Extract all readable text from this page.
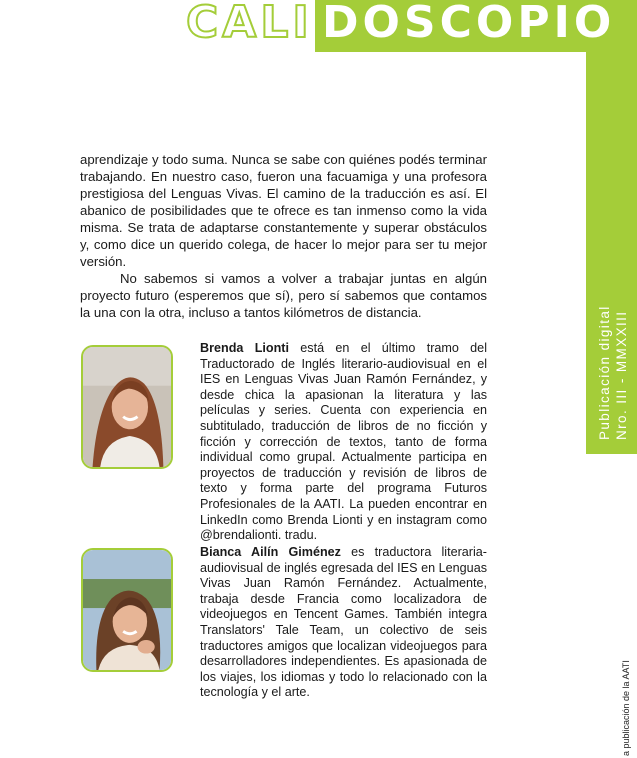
CALI DOSCOPIO
Publicación digital Nro. III - MMXXIII

aprendizaje y todo suma. Nunca se sabe con quiénes podés terminar trabajando. En nuestro caso, fueron una facuamiga y una profesora prestigiosa del Lenguas Vivas. El camino de la traducción es así. El abanico de posibilidades que te ofrece es tan inmenso como la vida misma. Se trata de adaptarse constantemente y superar obstáculos y, como dice un querido colega, de hacer lo mejor para ser tu mejor versión.

No sabemos si vamos a volver a trabajar juntas en algún proyecto futuro (esperemos que sí), pero sí sabemos que contamos la una con la otra, incluso a tantos kilómetros de distancia.

Brenda Lionti está en el último tramo del Traductorado de Inglés literario-audiovisual en el IES en Lenguas Vivas Juan Ramón Fernández, y desde chica la apasionan la literatura y las películas y series. Cuenta con experiencia en subtitulado, traducción de libros de no ficción y ficción y corrección de textos, tanto de forma individual como grupal. Actualmente participa en proyectos de traducción y revisión de libros de texto y forma parte del programa Futuros Profesionales de la AATI. La pueden encontrar en LinkedIn como Brenda Lionti y en instagram como @brendalionti. tradu.
Bianca Ailín Giménez es traductora literaria-audiovisual de inglés egresada del IES en Lenguas Vivas Juan Ramón Fernández. Actualmente, trabaja desde Francia como localizadora de videojuegos en Tencent Games. También integra Translators' Tale Team, un colectivo de seis traductores amigos que localizan videojuegos para desarrolladores independientes. Es apasionada de los viajes, los idiomas y todo lo relacionado con la tecnología y el arte.	a publicación de la AATI
